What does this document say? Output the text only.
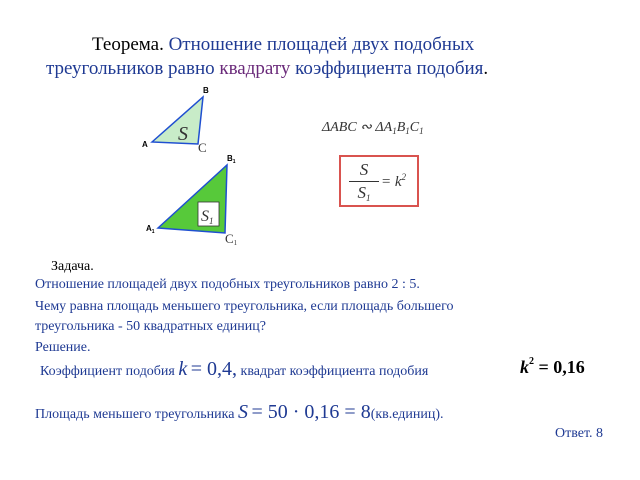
Теорема. Отношение площадей двух подобных
треугольников равно квадрату коэффициента подобия.
S
A
B
C
S1
$A_1$
$B_1$
C1
ΔABC ∾ $\Delta A_1B_1C_1$
$\frac{S}{S_1} = k^2$
Задача.
Отношение площадей двух подобных треугольников равно 2 : 5.
Чему равна площадь меньшего треугольника, если площадь большего
треугольника - 50 квадратных единиц?
Решение.
Коэффициент подобия k = 0,4, квадрат коэффициента подобия	$k^2 = 0,16$
Площадь меньшего треугольника S = 50 · 0,16 = 8(кв.единиц).
Ответ. 8
